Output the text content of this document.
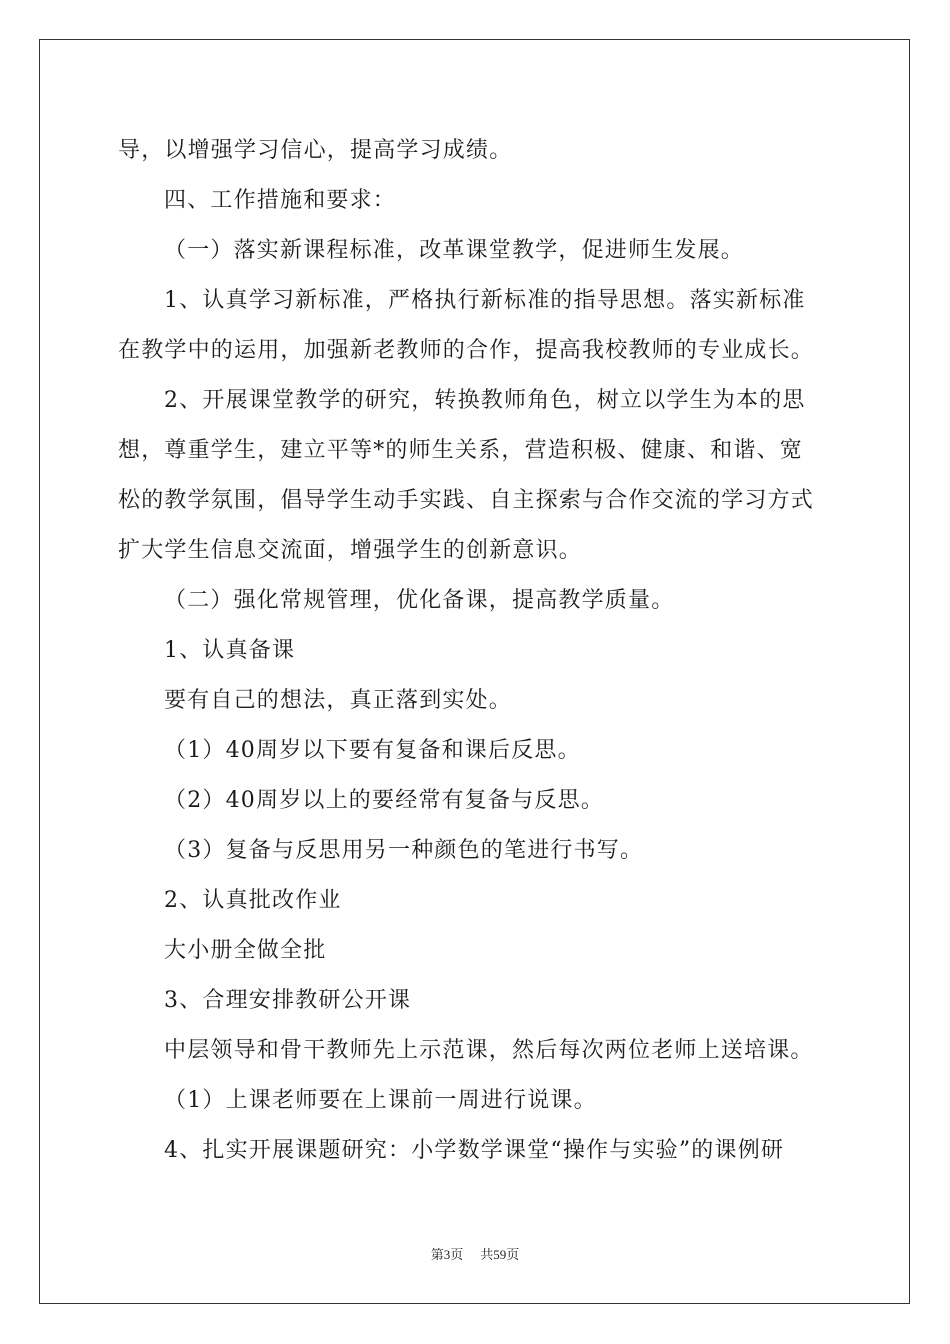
导，以增强学习信心，提高学习成绩。
四、工作措施和要求：
（一）落实新课程标准，改革课堂教学，促进师生发展。
1、认真学习新标准，严格执行新标准的指导思想。落实新标准
在教学中的运用，加强新老教师的合作，提高我校教师的专业成长。
2、开展课堂教学的研究，转换教师角色，树立以学生为本的思
想，尊重学生，建立平等*的师生关系，营造积极、健康、和谐、宽
松的教学氛围，倡导学生动手实践、自主探索与合作交流的学习方式
扩大学生信息交流面，增强学生的创新意识。
（二）强化常规管理，优化备课，提高教学质量。
1、认真备课
要有自己的想法，真正落到实处。
（1）40周岁以下要有复备和课后反思。
（2）40周岁以上的要经常有复备与反思。
（3）复备与反思用另一种颜色的笔进行书写。
2、认真批改作业
大小册全做全批
3、合理安排教研公开课
中层领导和骨干教师先上示范课，然后每次两位老师上送培课。
（1）上课老师要在上课前一周进行说课。
4、扎实开展课题研究：小学数学课堂“操作与实验”的课例研
第3页 共59页
